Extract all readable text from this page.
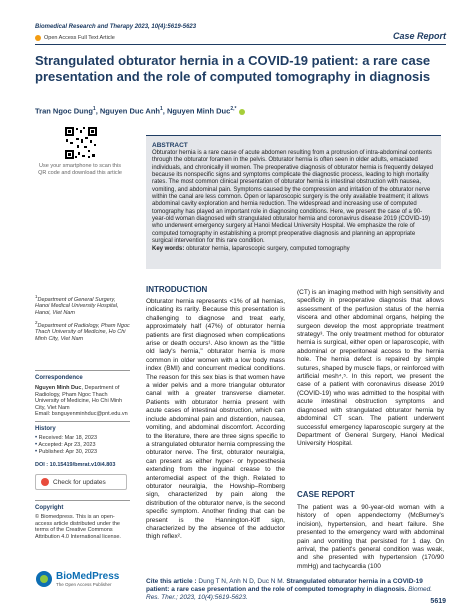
Biomedical Research and Therapy 2023, 10(4):5619-5623
Open Access Full Text Article	Case Report
Strangulated obturator hernia in a COVID-19 patient: a rare case presentation and the role of computed tomography in diagnosis
Tran Ngoc Dung$^1$, Nguyen Duc Anh$^1$, Nguyen Minh Duc$^{2,*}$
Use your smartphone to scan this QR code and download this article
ABSTRACT
Obturator hernia is a rare cause of acute abdomen resulting from a protrusion of intra-abdominal contents through the obturator foramen in the pelvis. Obturator hernia is often seen in older adults, emaciated individuals, and chronically ill women. The preoperative diagnosis of obturator hernia is frequently delayed because its nonspecific signs and symptoms complicate the diagnostic process, leading to high mortality rates. The most common clinical presentation of obturator hernia is intestinal obstruction with nausea, vomiting, and abdominal pain. Symptoms caused by the compression and irritation of the obturator nerve within the canal are less common. Open or laparoscopic surgery is the only available treatment; it allows abdominal cavity exploration and hernia reduction. The widespread and increasing use of computed tomography has played an important role in diagnosing conditions. Here, we present the case of a 90-year-old woman diagnosed with strangulated obturator hernia and coronavirus disease 2019 (COVID-19) who underwent emergency surgery at Hanoi Medical University Hospital. We emphasize the role of computed tomography in establishing a prompt preoperative diagnosis and planning an appropriate surgical intervention for this rare condition.
Key words: obturator hernia, laparoscopic surgery, computed tomography
$^1$Department of General Surgery, Hanoi Medical University Hospital, Hanoi, Viet Nam
$^2$Department of Radiology, Pham Ngoc Thach University of Medicine, Ho Chi Minh City, Viet Nam
Correspondence
Nguyen Minh Duc, Department of Radiology, Pham Ngoc Thach University of Medicine, Ho Chi Minh City, Viet Nam
Email: bsnguyenminhduc@pnt.edu.vn
History
• Received: Mar 18, 2023
• Accepted: Apr 23, 2023
• Published: Apr 30, 2023
DOI : 10.15419/bmrat.v10i4.803
Check for updates
Copyright
© Biomedpress. This is an open-access article distributed under the terms of the Creative Commons Attribution 4.0 International license.
BioMedPress
The Open Access Publisher
INTRODUCTION
Obturator hernia represents <1% of all hernias, indicating its rarity. Because this presentation is challenging to diagnose and treat early, approximately half (47%) of obturator hernia patients are first diagnosed when complications arise or death occurs¹. Also known as the "little old lady's hernia," obturator hernia is more common in older women with a low body mass index (BMI) and concurrent medical conditions. The reason for this sex bias is that women have a wider pelvis and a more triangular obturator canal with a greater transverse diameter. Patients with obturator hernia present with acute cases of intestinal obstruction, which can include abdominal pain and distention, nausea, vomiting, and abdominal discomfort. According to the literature, there are three signs specific to a strangulated obturator hernia compressing the obturator nerve. The first, obturator neuralgia, can present as either hyper- or hypoesthesia extending from the inguinal crease to the anteromedial aspect of the thigh. Related to obturator neuralgia, the Howship–Romberg sign, characterized by pain along the distribution of the obturator nerve, is the second specific symptom. Another finding that can be present is the Hannington-Kiff sign, characterized by the absence of the adductor thigh reflex².
(CT) is an imaging method with high sensitivity and specificity in preoperative diagnosis that allows assessment of the perfusion status of the hernia viscera and other abdominal organs, helping the surgeon develop the most appropriate treatment strategy³. The only treatment method for obturator hernia is surgical, either open or laparoscopic, with abdominal or preperitoneal access to the hernia hole. The hernia defect is repaired by simple sutures, shaped by muscle flaps, or reinforced with artificial mesh⁴,⁵. In this report, we present the case of a patient with coronavirus disease 2019 (COVID-19) who was admitted to the hospital with acute intestinal obstruction symptoms and diagnosed with strangulated obturator hernia by abdominal CT scan. The patient underwent successful emergency laparoscopic surgery at the Department of General Surgery, Hanoi Medical University Hospital.
CASE REPORT
The patient was a 90-year-old woman with a history of open appendectomy (McBurney's incision), hypertension, and heart failure. She presented to the emergency ward with abdominal pain and vomiting that persisted for 1 day. On arrival, the patient's general condition was weak, and she presented with hypertension (170/90 mmHg) and tachycardia (100
Cite this article : Dung T N, Anh N D, Duc N M. Strangulated obturator hernia in a COVID-19 patient: a rare case presentation and the role of computed tomography in diagnosis. Biomed. Res. Ther.; 2023, 10(4):5619-5623.
5619
